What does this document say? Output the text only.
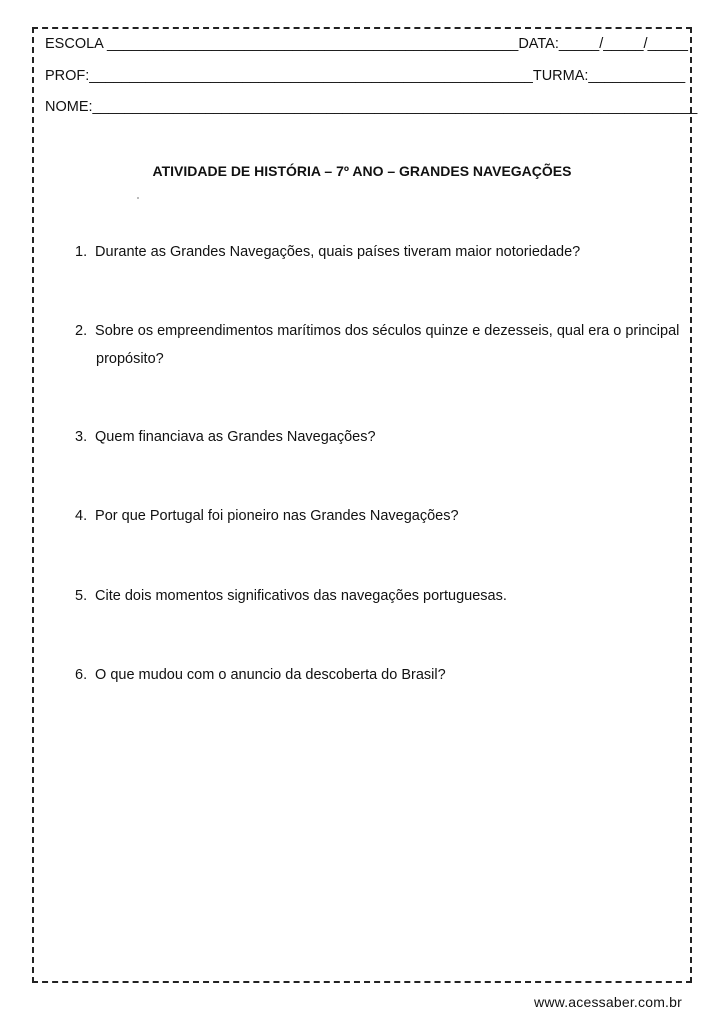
ESCOLA ___________________________________________________DATA:_____/_____/_____
PROF:_______________________________________________________TURMA:____________
NOME:___________________________________________________________________________
ATIVIDADE DE HISTÓRIA – 7º ANO – GRANDES NAVEGAÇÕES
1. Durante as Grandes Navegações, quais países tiveram maior notoriedade?
2. Sobre os empreendimentos marítimos dos séculos quinze e dezesseis, qual era o principal
propósito?
3. Quem financiava as Grandes Navegações?
4. Por que Portugal foi pioneiro nas Grandes Navegações?
5. Cite dois momentos significativos das navegações portuguesas.
6. O que mudou com o anuncio da descoberta do Brasil?
www.acessaber.com.br
